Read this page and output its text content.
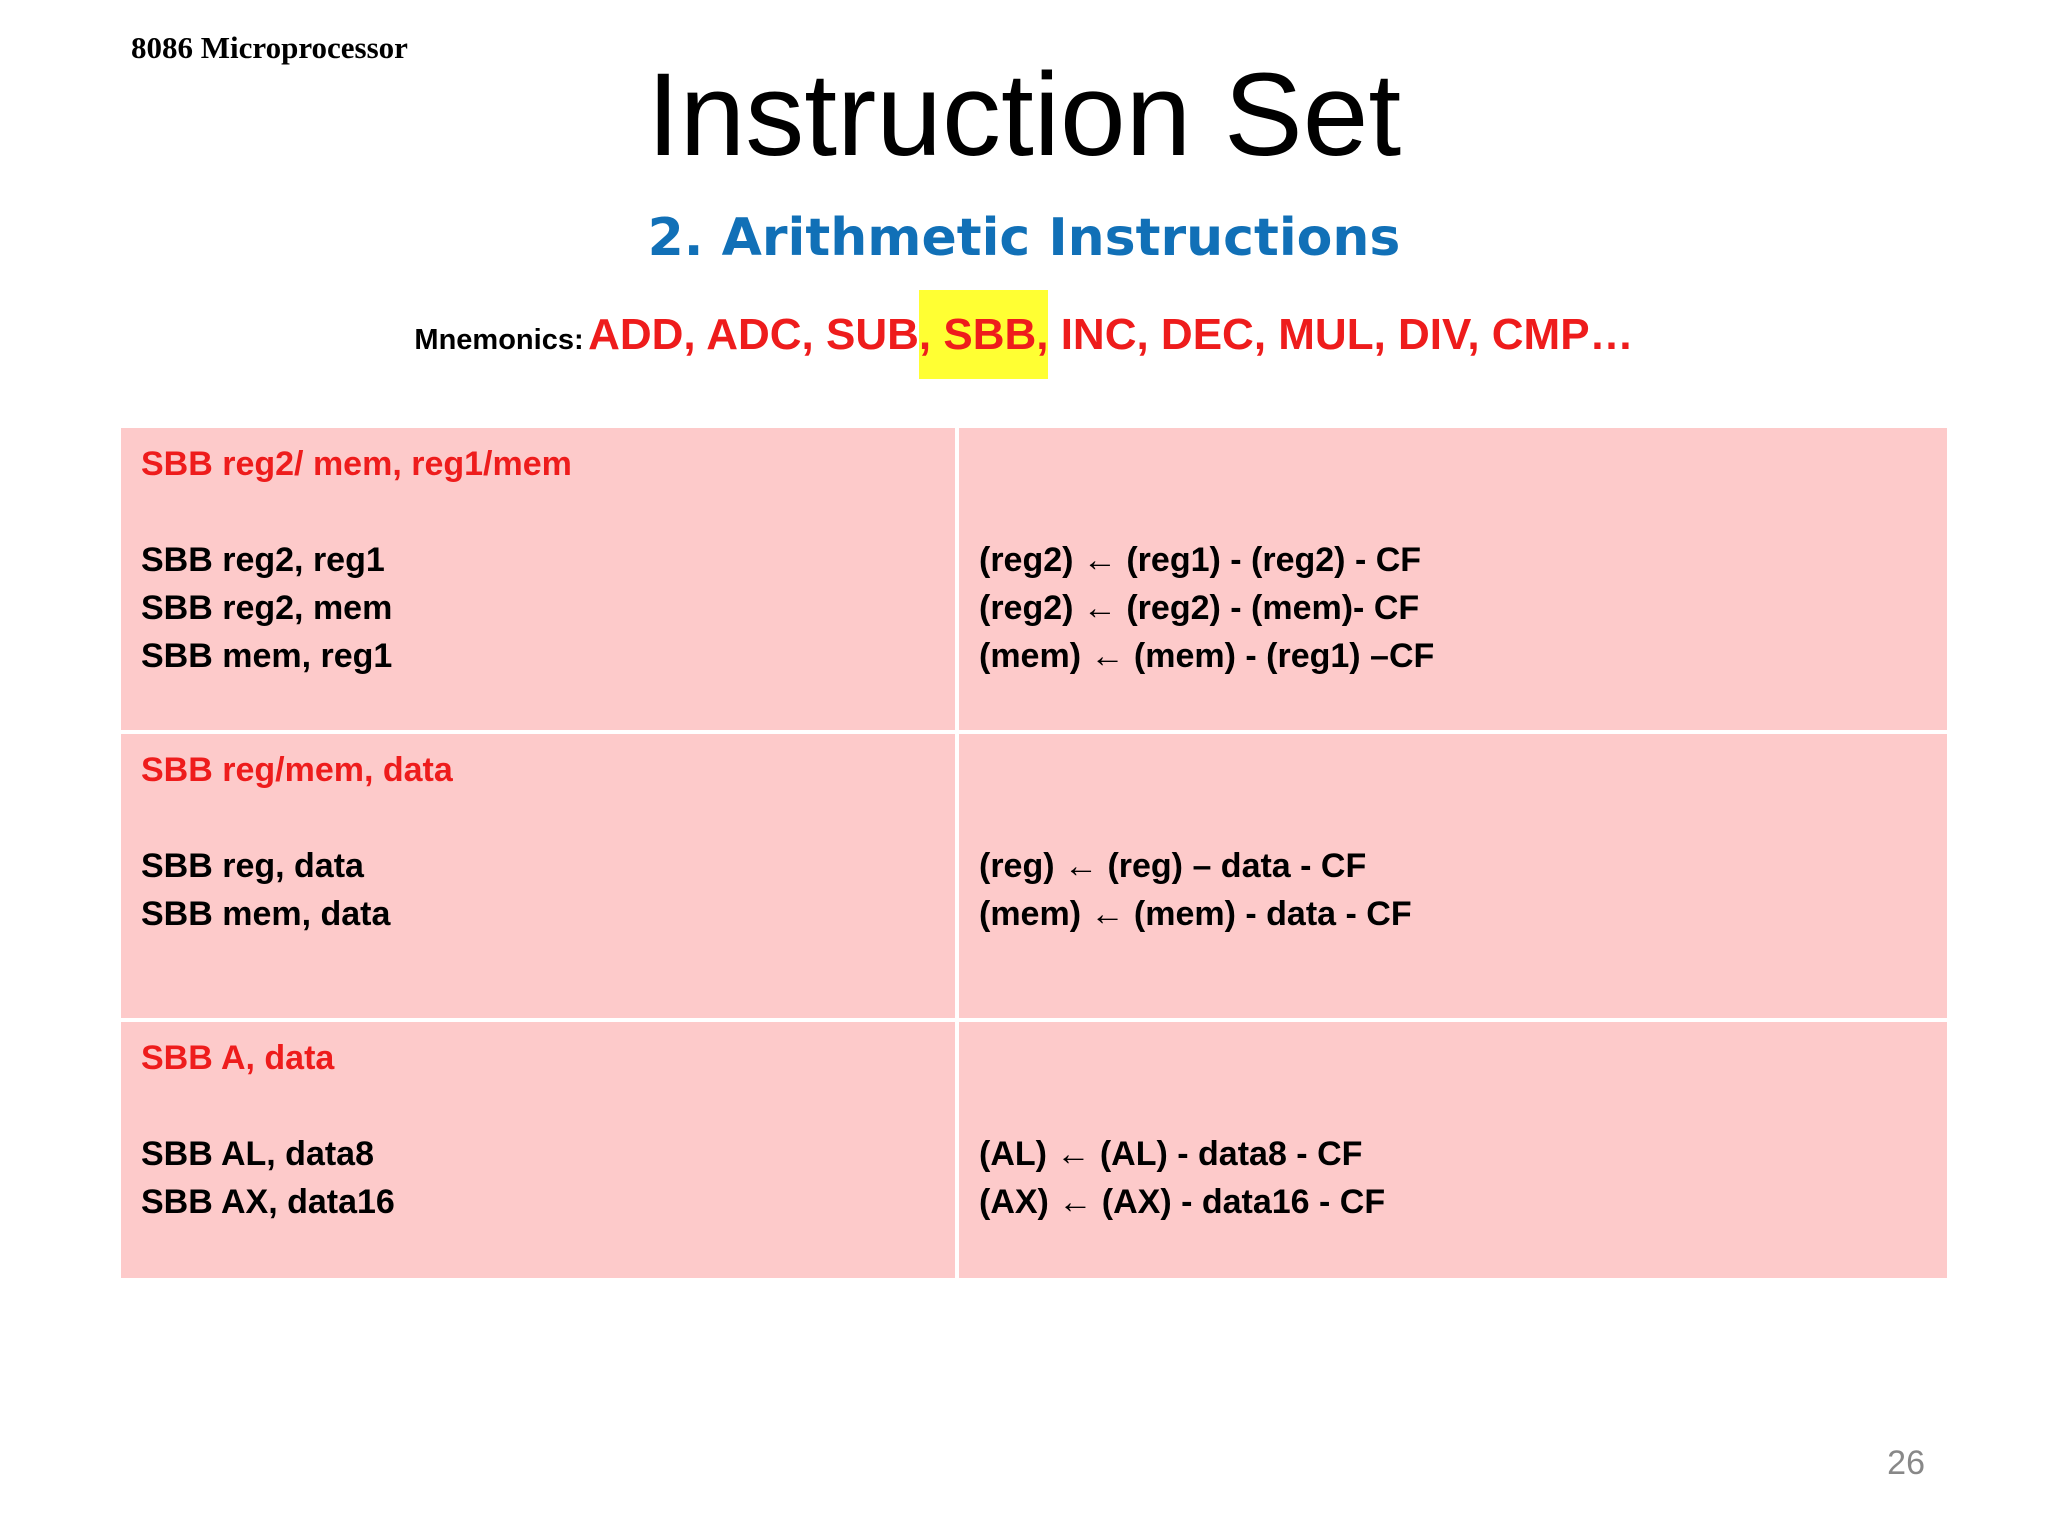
8086 Microprocessor
Instruction Set
2. Arithmetic Instructions
Mnemonics: ADD, ADC, SUB, SBB, INC, DEC, MUL, DIV, CMP…
SBB reg2/ mem, reg1/mem
SBB reg2, reg1
SBB reg2, mem
SBB mem, reg1
(reg2) ← (reg1) - (reg2) - CF
(reg2) ← (reg2) - (mem)- CF
(mem) ← (mem) - (reg1) –CF
SBB reg/mem, data
SBB reg, data
SBB mem, data
(reg) ← (reg) – data - CF
(mem) ← (mem) - data - CF
SBB A, data
SBB AL, data8
SBB AX, data16
(AL) ← (AL) - data8 - CF
(AX) ← (AX) - data16 - CF
26
